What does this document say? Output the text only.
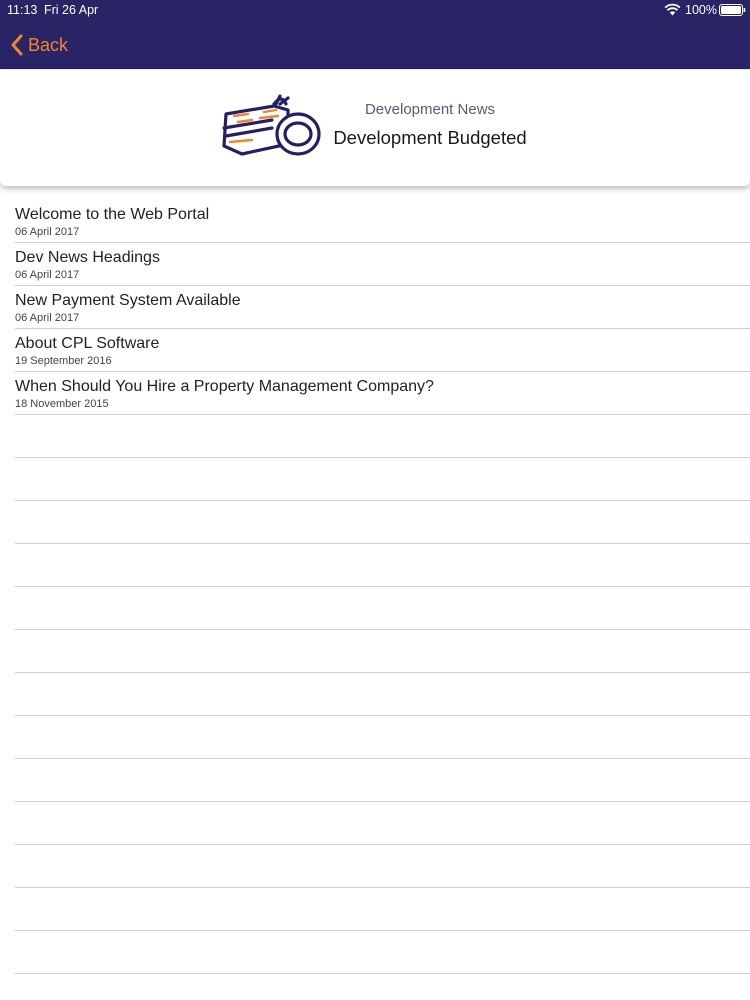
11:13 Fri 26 Apr	100%
Back
Development News
Development Budgeted
Welcome to the Web Portal
06 April 2017
Dev News Headings
06 April 2017
New Payment System Available
06 April 2017
About CPL Software
19 September 2016
When Should You Hire a Property Management Company?
18 November 2015
